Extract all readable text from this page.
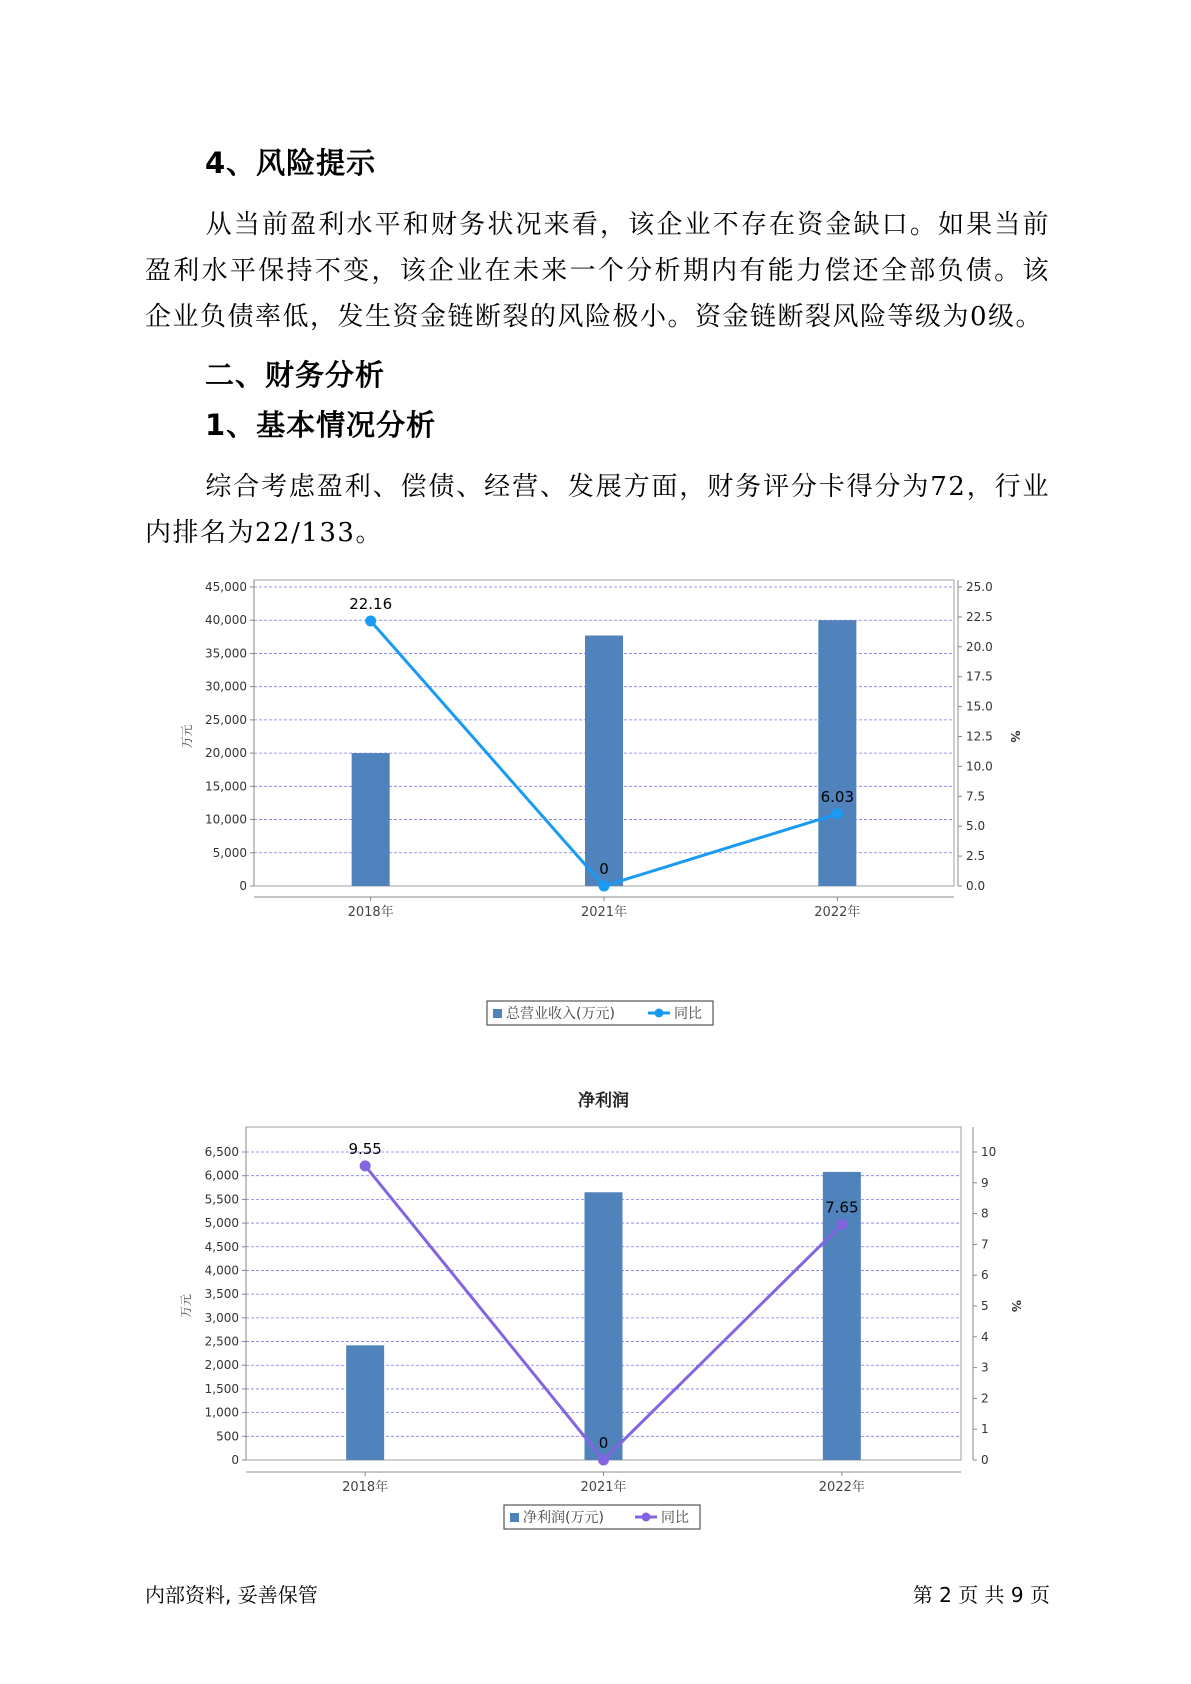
4、风险提示
从当前盈利水平和财务状况来看，该企业不存在资金缺口。如果当前盈利水平保持不变，该企业在未来一个分析期内有能力偿还全部负债。该企业负债率低，发生资金链断裂的风险极小。资金链断裂风险等级为0级。
二、财务分析
1、基本情况分析
综合考虑盈利、偿债、经营、发展方面，财务评分卡得分为72，行业内排名为22/133。
0
5,000
10,000
15,000
20,000
25,000
30,000
35,000
40,000
45,000
0.0
2.5
5.0
7.5
10.0
12.5
15.0
17.5
20.0
22.5
25.0
万元	%
2018年	2021年	2022年
22.16
0
6.03
总营业收入(万元)	同比
净利润
0
500
1,000
1,500
2,000
2,500
3,000
3,500
4,000
4,500
5,000
5,500
6,000
6,500
0
1
2
3
4
5
6
7
8
9
10
万元	%
2018年	2021年	2022年
9.55
0
7.65
净利润(万元)	同比
内部资料, 妥善保管	第 2 页 共 9 页
